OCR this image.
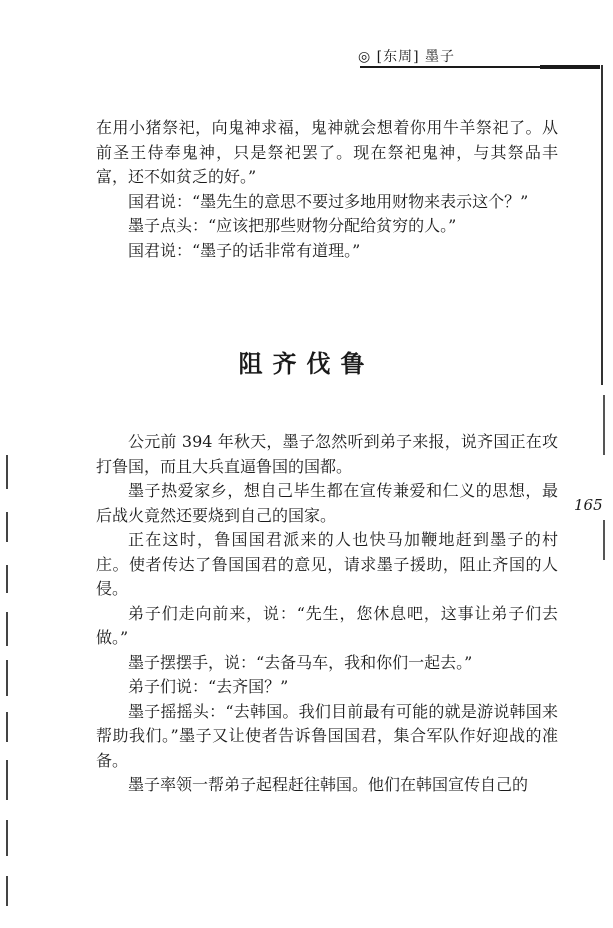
◎ [东周] 墨子
165

在用小猪祭祀，向鬼神求福，鬼神就会想着你用牛羊祭祀了。从前圣王侍奉鬼神，只是祭祀罢了。现在祭祀鬼神，与其祭品丰富，还不如贫乏的好。”

国君说：“墨先生的意思不要过多地用财物来表示这个？”

墨子点头：“应该把那些财物分配给贫穷的人。”

国君说：“墨子的话非常有道理。”

阻齐伐鲁

公元前 394 年秋天，墨子忽然听到弟子来报，说齐国正在攻打鲁国，而且大兵直逼鲁国的国都。

墨子热爱家乡，想自己毕生都在宣传兼爱和仁义的思想，最后战火竟然还要烧到自己的国家。

正在这时，鲁国国君派来的人也快马加鞭地赶到墨子的村庄。使者传达了鲁国国君的意见，请求墨子援助，阻止齐国的人侵。

弟子们走向前来，说：“先生，您休息吧，这事让弟子们去做。”

墨子摆摆手，说：“去备马车，我和你们一起去。”

弟子们说：“去齐国？”

墨子摇摇头：“去韩国。我们目前最有可能的就是游说韩国来帮助我们。”墨子又让使者告诉鲁国国君，集合军队作好迎战的准备。

墨子率领一帮弟子起程赶往韩国。他们在韩国宣传自己的
